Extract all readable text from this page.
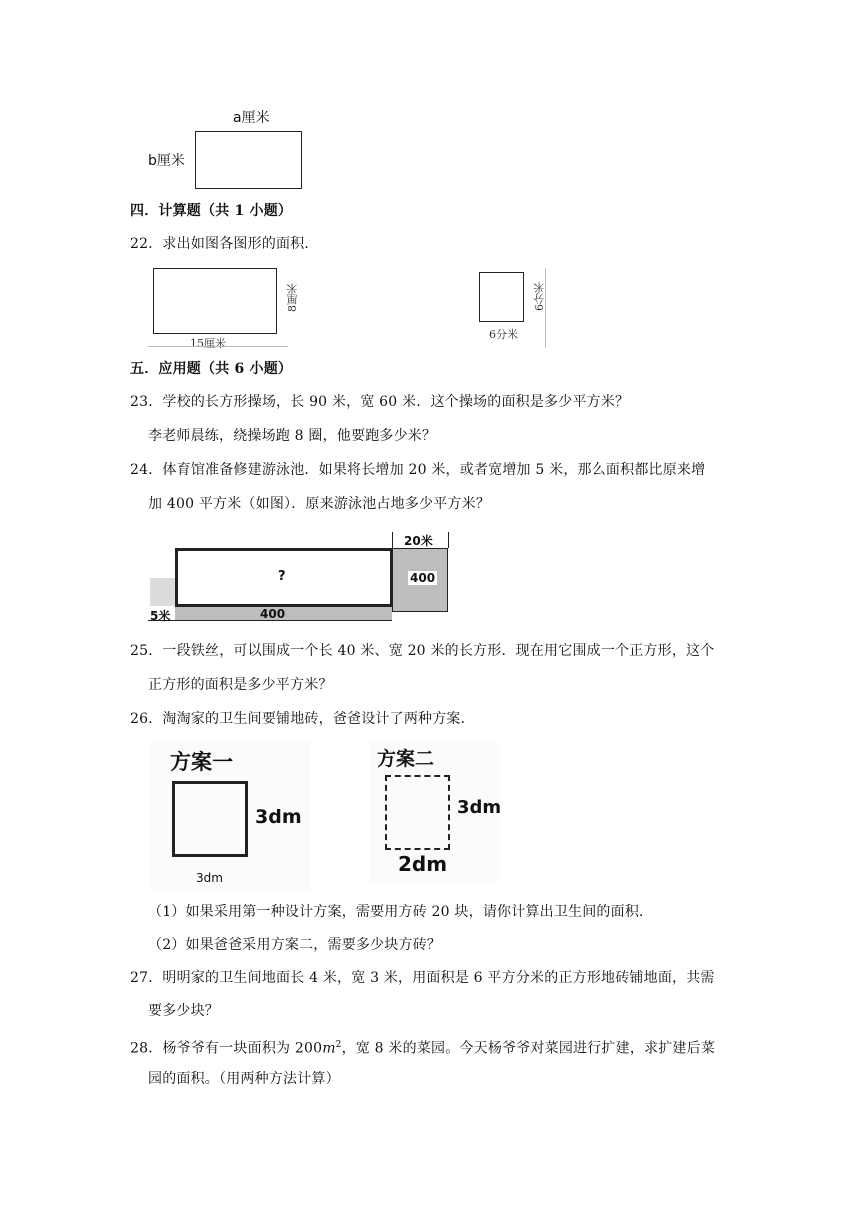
a厘米
b厘米
四．计算题（共 1 小题）
22．求出如图各图形的面积．
8厘米
15厘米
6分米
6分米
五．应用题（共 6 小题）
23．学校的长方形操场，长 90 米，宽 60 米．这个操场的面积是多少平方米？
李老师晨练，绕操场跑 8 圈，他要跑多少米？
24．体育馆准备修建游泳池．如果将长增加 20 米，或者宽增加 5 米，那么面积都比原来增
加 400 平方米（如图）．原来游泳池占地多少平方米？
?
20米
400
5米	400
25．一段铁丝，可以围成一个长 40 米、宽 20 米的长方形．现在用它围成一个正方形，这个
正方形的面积是多少平方米？
26．淘淘家的卫生间要铺地砖，爸爸设计了两种方案．
方案一
3dm
3dm
方案二
3dm
2dm
（1）如果采用第一种设计方案，需要用方砖 20 块，请你计算出卫生间的面积．
（2）如果爸爸采用方案二，需要多少块方砖？
27．明明家的卫生间地面长 4 米，宽 3 米，用面积是 6 平方分米的正方形地砖铺地面，共需
要多少块？
28．杨爷爷有一块面积为 $200m^2$，宽 8 米的菜园。今天杨爷爷对菜园进行扩建，求扩建后菜
园的面积。（用两种方法计算）
